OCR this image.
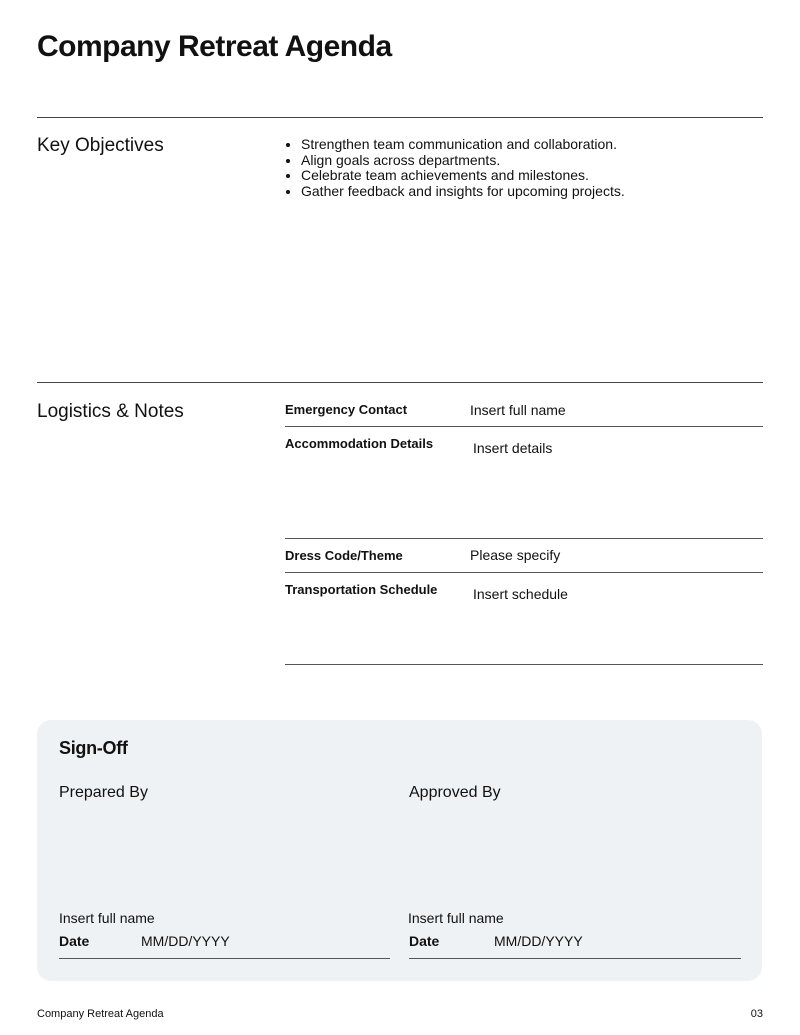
Company Retreat Agenda
Key Objectives
•	Strengthen team communication and collaboration.
• Align goals across departments.
• Celebrate team achievements and milestones.
• Gather feedback and insights for upcoming projects.
Logistics & Notes	Emergency Contact	Insert full name
Accommodation Details	Insert details
Dress Code/Theme	Please specify
Transportation Schedule	Insert schedule
Sign-Off
Prepared By
Insert full name
Date	MM/DD/YYYY
Approved By
Insert full name
Date	MM/DD/YYYY
Company Retreat Agenda	03
